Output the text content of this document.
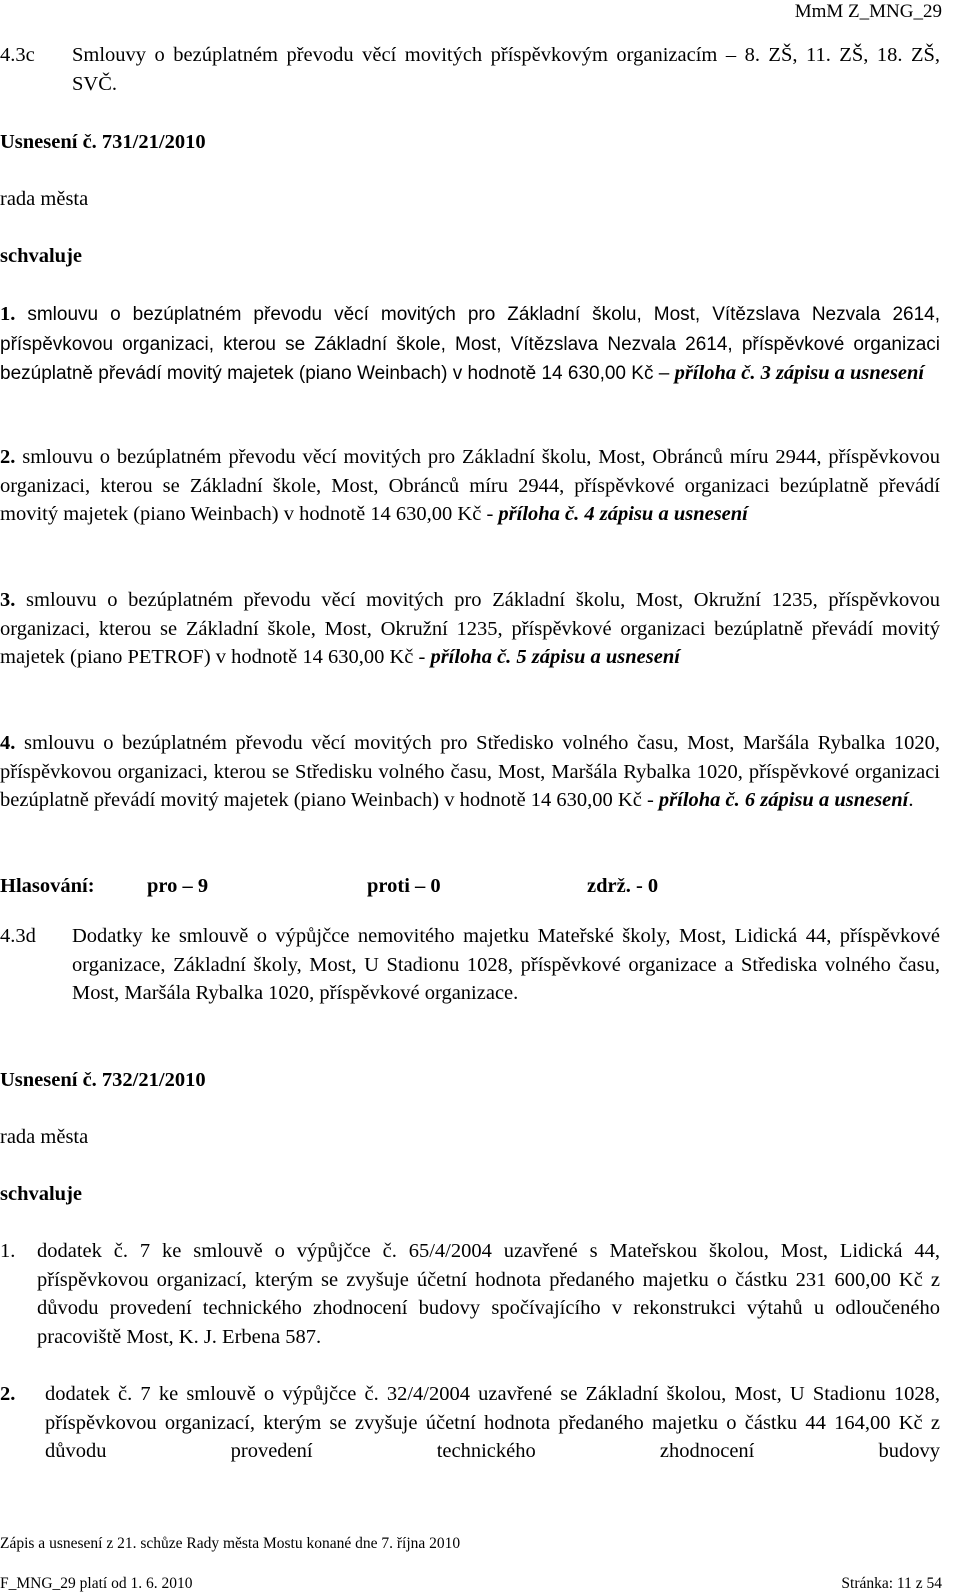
MmM Z_MNG_29
4.3c Smlouvy o bezúplatném převodu věcí movitých příspěvkovým organizacím – 8. ZŠ, 11. ZŠ, 18. ZŠ, SVČ.
Usnesení č. 731/21/2010
rada města
schvaluje
1. smlouvu o bezúplatném převodu věcí movitých pro Základní školu, Most, Vítězslava Nezvala 2614, příspěvkovou organizaci, kterou se Základní škole, Most, Vítězslava Nezvala 2614, příspěvkové organizaci bezúplatně převádí movitý majetek (piano Weinbach) v hodnotě 14 630,00 Kč – příloha č. 3 zápisu a usnesení
2. smlouvu o bezúplatném převodu věcí movitých pro Základní školu, Most, Obránců míru 2944, příspěvkovou organizaci, kterou se Základní škole, Most, Obránců míru 2944, příspěvkové organizaci bezúplatně převádí movitý majetek (piano Weinbach) v hodnotě 14 630,00 Kč - příloha č. 4 zápisu a usnesení
3. smlouvu o bezúplatném převodu věcí movitých pro Základní školu, Most, Okružní 1235, příspěvkovou organizaci, kterou se Základní škole, Most, Okružní 1235, příspěvkové organizaci bezúplatně převádí movitý majetek (piano PETROF) v hodnotě 14 630,00 Kč - příloha č. 5 zápisu a usnesení
4. smlouvu o bezúplatném převodu věcí movitých pro Středisko volného času, Most, Maršála Rybalka 1020, příspěvkovou organizaci, kterou se Středisku volného času, Most, Maršála Rybalka 1020, příspěvkové organizaci bezúplatně převádí movitý majetek (piano Weinbach) v hodnotě 14 630,00 Kč - příloha č. 6 zápisu a usnesení.
Hlasování:	pro – 9	proti – 0	zdrž. - 0
4.3d Dodatky ke smlouvě o výpůjčce nemovitého majetku Mateřské školy, Most, Lidická 44, příspěvkové organizace, Základní školy, Most, U Stadionu 1028, příspěvkové organizace a Střediska volného času, Most, Maršála Rybalka 1020, příspěvkové organizace.
Usnesení č. 732/21/2010
rada města
schvaluje
1. dodatek č. 7 ke smlouvě o výpůjčce č. 65/4/2004 uzavřené s Mateřskou školou, Most, Lidická 44, příspěvkovou organizací, kterým se zvyšuje účetní hodnota předaného majetku o částku 231 600,00 Kč z důvodu provedení technického zhodnocení budovy spočívajícího v rekonstrukci výtahů u odloučeného pracoviště Most, K. J. Erbena 587.
2. dodatek č. 7 ke smlouvě o výpůjčce č. 32/4/2004 uzavřené se Základní školou, Most, U Stadionu 1028, příspěvkovou organizací, kterým se zvyšuje účetní hodnota předaného majetku o částku 44 164,00 Kč z důvodu provedení technického zhodnocení budovy
Zápis a usnesení z 21. schůze Rady města Mostu konané dne 7. října 2010
F_MNG_29 platí od 1. 6. 2010	Stránka: 11 z 54
